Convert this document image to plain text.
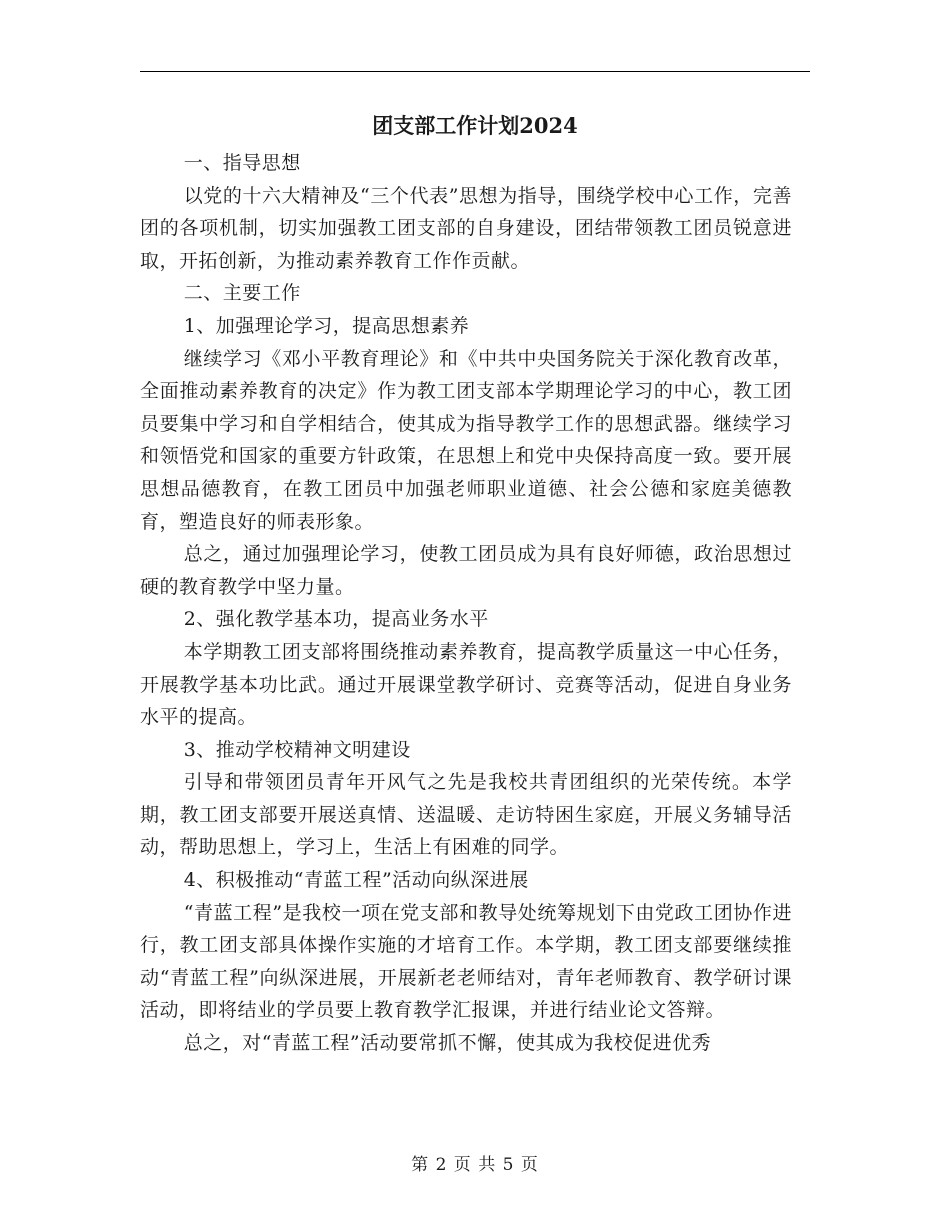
团支部工作计划2024

一、指导思想

以党的十六大精神及“三个代表”思想为指导，围绕学校中心工作，完善团的各项机制，切实加强教工团支部的自身建设，团结带领教工团员锐意进取，开拓创新，为推动素养教育工作作贡献。

二、主要工作

1、加强理论学习，提高思想素养

继续学习《邓小平教育理论》和《中共中央国务院关于深化教育改革，全面推动素养教育的决定》作为教工团支部本学期理论学习的中心，教工团员要集中学习和自学相结合，使其成为指导教学工作的思想武器。继续学习和领悟党和国家的重要方针政策，在思想上和党中央保持高度一致。要开展思想品德教育，在教工团员中加强老师职业道德、社会公德和家庭美德教育，塑造良好的师表形象。

总之，通过加强理论学习，使教工团员成为具有良好师德，政治思想过硬的教育教学中坚力量。

2、强化教学基本功，提高业务水平

本学期教工团支部将围绕推动素养教育，提高教学质量这一中心任务，开展教学基本功比武。通过开展课堂教学研讨、竞赛等活动，促进自身业务水平的提高。

3、推动学校精神文明建设

引导和带领团员青年开风气之先是我校共青团组织的光荣传统。本学期，教工团支部要开展送真情、送温暖、走访特困生家庭，开展义务辅导活动，帮助思想上，学习上，生活上有困难的同学。

4、积极推动“青蓝工程”活动向纵深进展

“青蓝工程”是我校一项在党支部和教导处统筹规划下由党政工团协作进行，教工团支部具体操作实施的才培育工作。本学期，教工团支部要继续推动“青蓝工程”向纵深进展，开展新老老师结对，青年老师教育、教学研讨课活动，即将结业的学员要上教育教学汇报课，并进行结业论文答辩。

总之，对“青蓝工程”活动要常抓不懈，使其成为我校促进优秀

第 2 页 共 5 页
